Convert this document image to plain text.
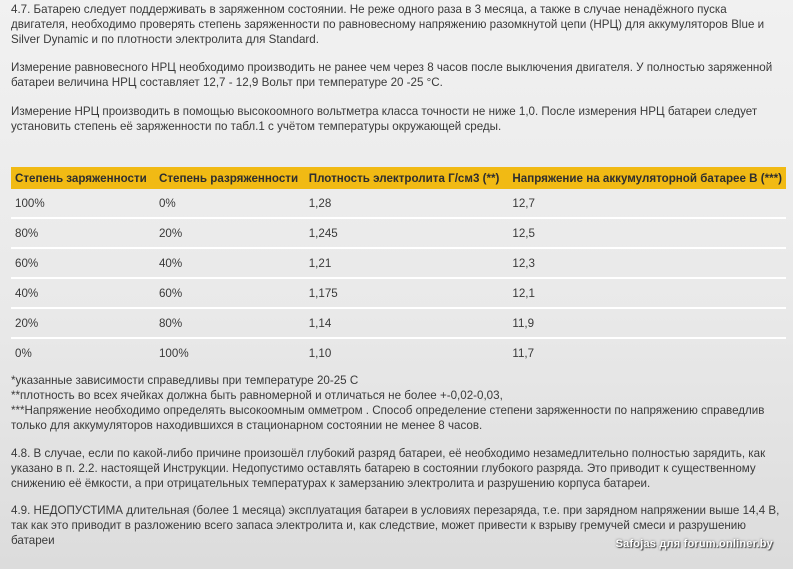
4.7. Батарею следует поддерживать в заряженном состоянии. Не реже одного раза в 3 месяца, а также в случае ненадёжного пуска двигателя, необходимо проверять степень заряженности по равновесному напряжению разомкнутой цепи (НРЦ) для аккумуляторов Blue и Silver Dynamic и по плотности электролита для Standard.

Измерение равновесного НРЦ необходимо производить не ранее чем через 8 часов после выключения двигателя. У полностью заряженной батареи величина НРЦ составляет 12,7 - 12,9 Вольт при температуре 20 -25 °С.

Измерение НРЦ производить в помощью высокоомного вольтметра класса точности не ниже 1,0. После измерения НРЦ батареи следует установить степень её заряженности по табл.1 с учётом температуры окружающей среды.

Степень заряженности	Степень разряженности	Плотность электролита Г/см3 (**)	Напряжение на аккумуляторной батарее В (***)
100%	0%	1,28	12,7
80%	20%	1,245	12,5
60%	40%	1,21	12,3
40%	60%	1,175	12,1
20%	80%	1,14	11,9
0%	100%	1,10	11,7

*указанные зависимости справедливы при температуре 20-25 С

**плотность во всех ячейках должна быть равномерной и отличаться не более +-0,02-0,03,

***Напряжение необходимо определять высокоомным омметром . Способ определение степени заряженности по напряжению справедлив только для аккумуляторов находившихся в стационарном состоянии не менее 8 часов.

4.8. В случае, если по какой-либо причине произошёл глубокий разряд батареи, её необходимо незамедлительно полностью зарядить, как указано в п. 2.2. настоящей Инструкции. Недопустимо оставлять батарею в состоянии глубокого разряда. Это приводит к существенному снижению её ёмкости, а при отрицательных температурах к замерзанию электролита и разрушению корпуса батареи.

4.9. НЕДОПУСТИМА длительная (более 1 месяца) эксплуатация батареи в условиях перезаряда, т.е. при зарядном напряжении выше 14,4 В, так как это приводит в разложению всего запаса электролита и, как следствие, может привести к взрыву гремучей смеси и разрушению батареи	Safojas для forum.onliner.by
